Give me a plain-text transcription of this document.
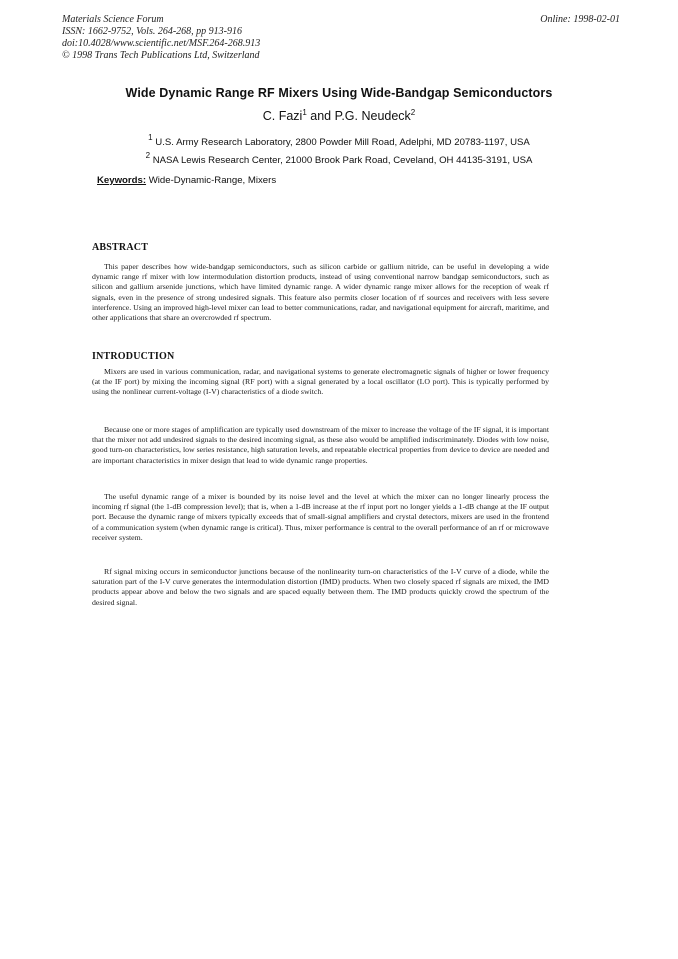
Materials Science Forum
ISSN: 1662-9752, Vols. 264-268, pp 913-916
doi:10.4028/www.scientific.net/MSF.264-268.913
© 1998 Trans Tech Publications Ltd, Switzerland
Online: 1998-02-01
Wide Dynamic Range RF Mixers Using Wide-Bandgap Semiconductors
C. Fazi$^1$ and P.G. Neudeck$^2$
$^1$ U.S. Army Research Laboratory, 2800 Powder Mill Road, Adelphi, MD 20783-1197, USA
$^2$ NASA Lewis Research Center, 21000 Brook Park Road, Ceveland, OH 44135-3191, USA
Keywords: Wide-Dynamic-Range, Mixers
ABSTRACT

This paper describes how wide-bandgap semiconductors, such as silicon carbide or gallium nitride, can be useful in developing a wide dynamic range rf mixer with low intermodulation distortion products, instead of using conventional narrow bandgap semiconductors, such as silicon and gallium arsenide junctions, which have limited dynamic range. A wider dynamic range mixer allows for the reception of weak rf signals, even in the presence of strong undesired signals. This feature also permits closer location of rf sources and receivers with less severe interference. Using an improved high-level mixer can lead to better communications, radar, and navigational equipment for aircraft, maritime, and other applications that share an overcrowded rf spectrum.

INTRODUCTION

Mixers are used in various communication, radar, and navigational systems to generate electromagnetic signals of higher or lower frequency (at the IF port) by mixing the incoming signal (RF port) with a signal generated by a local oscillator (LO port). This is typically performed by using the nonlinear current-voltage (I-V) characteristics of a diode switch.

Because one or more stages of amplification are typically used downstream of the mixer to increase the voltage of the IF signal, it is important that the mixer not add undesired signals to the desired incoming signal, as these also would be amplified indiscriminately. Diodes with low noise, good turn-on characteristics, low series resistance, high saturation levels, and repeatable electrical properties from device to device are needed and are important characteristics in mixer design that lead to wide dynamic range properties.

The useful dynamic range of a mixer is bounded by its noise level and the level at which the mixer can no longer linearly process the incoming rf signal (the 1-dB compression level); that is, when a 1-dB increase at the rf input port no longer yields a 1-dB change at the IF output port. Because the dynamic range of mixers typically exceeds that of small-signal amplifiers and crystal detectors, mixers are used in the frontend of a communication system (when dynamic range is critical). Thus, mixer performance is central to the overall performance of an rf or microwave receiver system.

Rf signal mixing occurs in semiconductor junctions because of the nonlinearity turn-on characteristics of the I-V curve of a diode, while the saturation part of the I-V curve generates the intermodulation distortion (IMD) products. When two closely spaced rf signals are mixed, the IMD products appear above and below the two signals and are spaced equally between them. The IMD products quickly crowd the spectrum of the desired signal.
